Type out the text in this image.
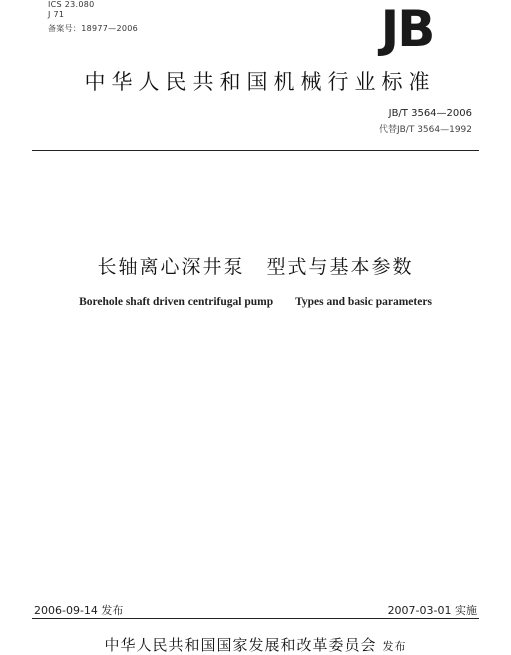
ICS 23.080
J 71
备案号：18977—2006	JB
中华人民共和国机械行业标准
JB/T 3564—2006
代替JB/T 3564—1992
长轴离心深井泵 型式与基本参数
Borehole shaft driven centrifugal pump Types and basic parameters
2006-09-14 发布	2007-03-01 实施
中华人民共和国国家发展和改革委员会 发布
